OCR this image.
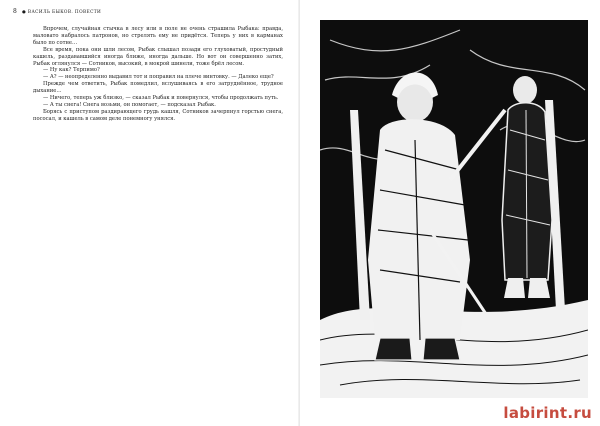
8 ● ВАСИЛЬ БЫКОВ. ПОВЕСТИ

Впрочем, случайная стычка в лесу или в поле не очень страшила Рыбака: правда, маловато набралось патронов, но стрелять ему не придётся. Теперь у них в карманах было по сотне…

Все время, пока они шли лесом, Рыбак слышал позади его глуховатый, простудный кашель, раздававшийся иногда ближе, иногда дальше. Но вот он совершенно затих, Рыбак оглянулся — Сотников, высокий, в мокрой шинели, тоже брёл лесом.

— Ну как? Терпимо?

— А? — неопределенно выдавил тот и поправил на плече винтовку. — Далеко еще?

Прежде чем ответить, Рыбак помедлил, вслушиваясь в его затруднённое, трудное дыхание…

— Ничего, теперь уж близко, — сказал Рыбак и повернулся, чтобы продолжать путь.

— А ты снега! Снега возьми, он помогает, — подсказал Рыбак.

Борясь с приступом раздирающего грудь кашля, Сотников зачерпнул горстью снега, пососал, и кашель в самом деле понемногу унялся.

labirint.ru
